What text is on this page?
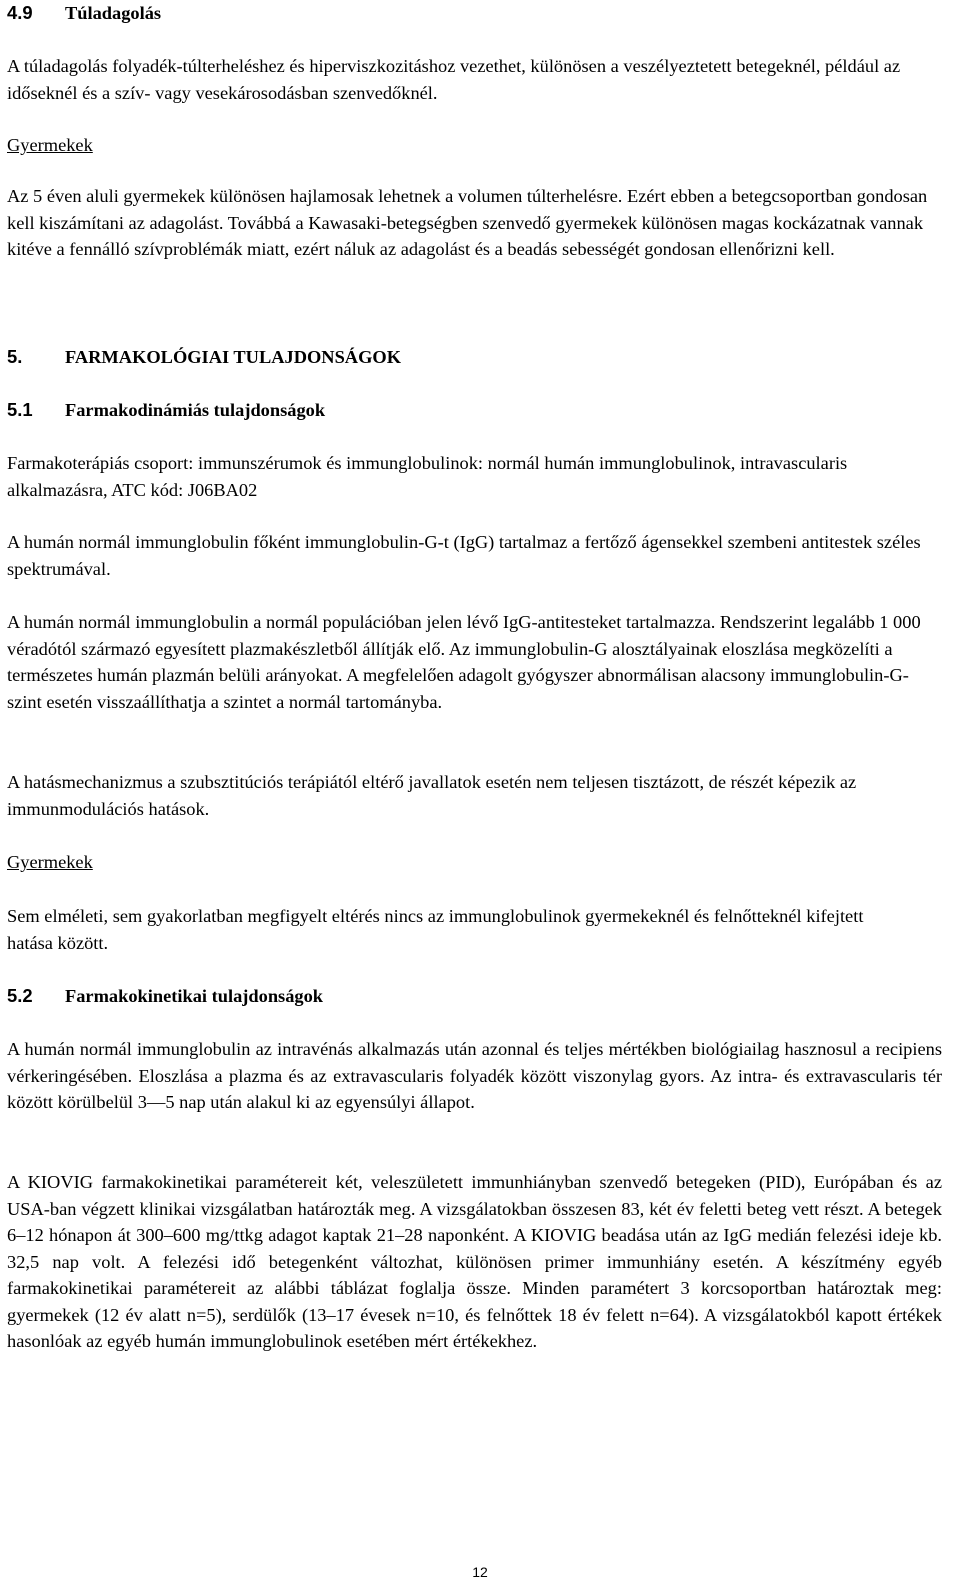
4.9	Túladagolás

A túladagolás folyadék-túlterheléshez és hiperviszkozitáshoz vezethet, különösen a veszélyeztetett betegeknél, például az időseknél és a szív- vagy vesekárosodásban szenvedőknél.

Gyermekek

Az 5 éven aluli gyermekek különösen hajlamosak lehetnek a volumen túlterhelésre. Ezért ebben a betegcsoportban gondosan kell kiszámítani az adagolást. Továbbá a Kawasaki-betegségben szenvedő gyermekek különösen magas kockázatnak vannak kitéve a fennálló szívproblémák miatt, ezért náluk az adagolást és a beadás sebességét gondosan ellenőrizni kell.

5.	FARMAKOLÓGIAI TULAJDONSÁGOK
5.1	Farmakodinámiás tulajdonságok

Farmakoterápiás csoport: immunszérumok és immunglobulinok: normál humán immunglobulinok, intravascularis alkalmazásra, ATC kód: J06BA02

A humán normál immunglobulin főként immunglobulin-G-t (IgG) tartalmaz a fertőző ágensekkel szembeni antitestek széles spektrumával.

A humán normál immunglobulin a normál populációban jelen lévő IgG-antitesteket tartalmazza. Rendszerint legalább 1 000 véradótól származó egyesített plazmakészletből állítják elő. Az immunglobulin-G alosztályainak eloszlása megközelíti a természetes humán plazmán belüli arányokat. A megfelelően adagolt gyógyszer abnormálisan alacsony immunglobulin-G-szint esetén visszaállíthatja a szintet a normál tartományba.

A hatásmechanizmus a szubsztitúciós terápiától eltérő javallatok esetén nem teljesen tisztázott, de részét képezik az immunmodulációs hatások.

Gyermekek

Sem elméleti, sem gyakorlatban megfigyelt eltérés nincs az immunglobulinok gyermekeknél és felnőtteknél kifejtett hatása között.

5.2	Farmakokinetikai tulajdonságok

A humán normál immunglobulin az intravénás alkalmazás után azonnal és teljes mértékben biológiailag hasznosul a recipiens vérkeringésében. Eloszlása a plazma és az extravascularis folyadék között viszonylag gyors. Az intra- és extravascularis tér között körülbelül 3—5 nap után alakul ki az egyensúlyi állapot.

A KIOVIG farmakokinetikai paramétereit két, veleszületett immunhiányban szenvedő betegeken (PID), Európában és az USA-ban végzett klinikai vizsgálatban határozták meg. A vizsgálatokban összesen 83, két év feletti beteg vett részt. A betegek 6–12 hónapon át 300–600 mg/ttkg adagot kaptak 21–28 naponként. A KIOVIG beadása után az IgG medián felezési ideje kb. 32,5 nap volt. A felezési idő betegenként változhat, különösen primer immunhiány esetén. A készítmény egyéb farmakokinetikai paramétereit az alábbi táblázat foglalja össze. Minden paramétert 3 korcsoportban határoztak meg: gyermekek (12 év alatt n=5), serdülők (13–17 évesek n=10, és felnőttek 18 év felett n=64). A vizsgálatokból kapott értékek hasonlóak az egyéb humán immunglobulinok esetében mért értékekhez.

12
